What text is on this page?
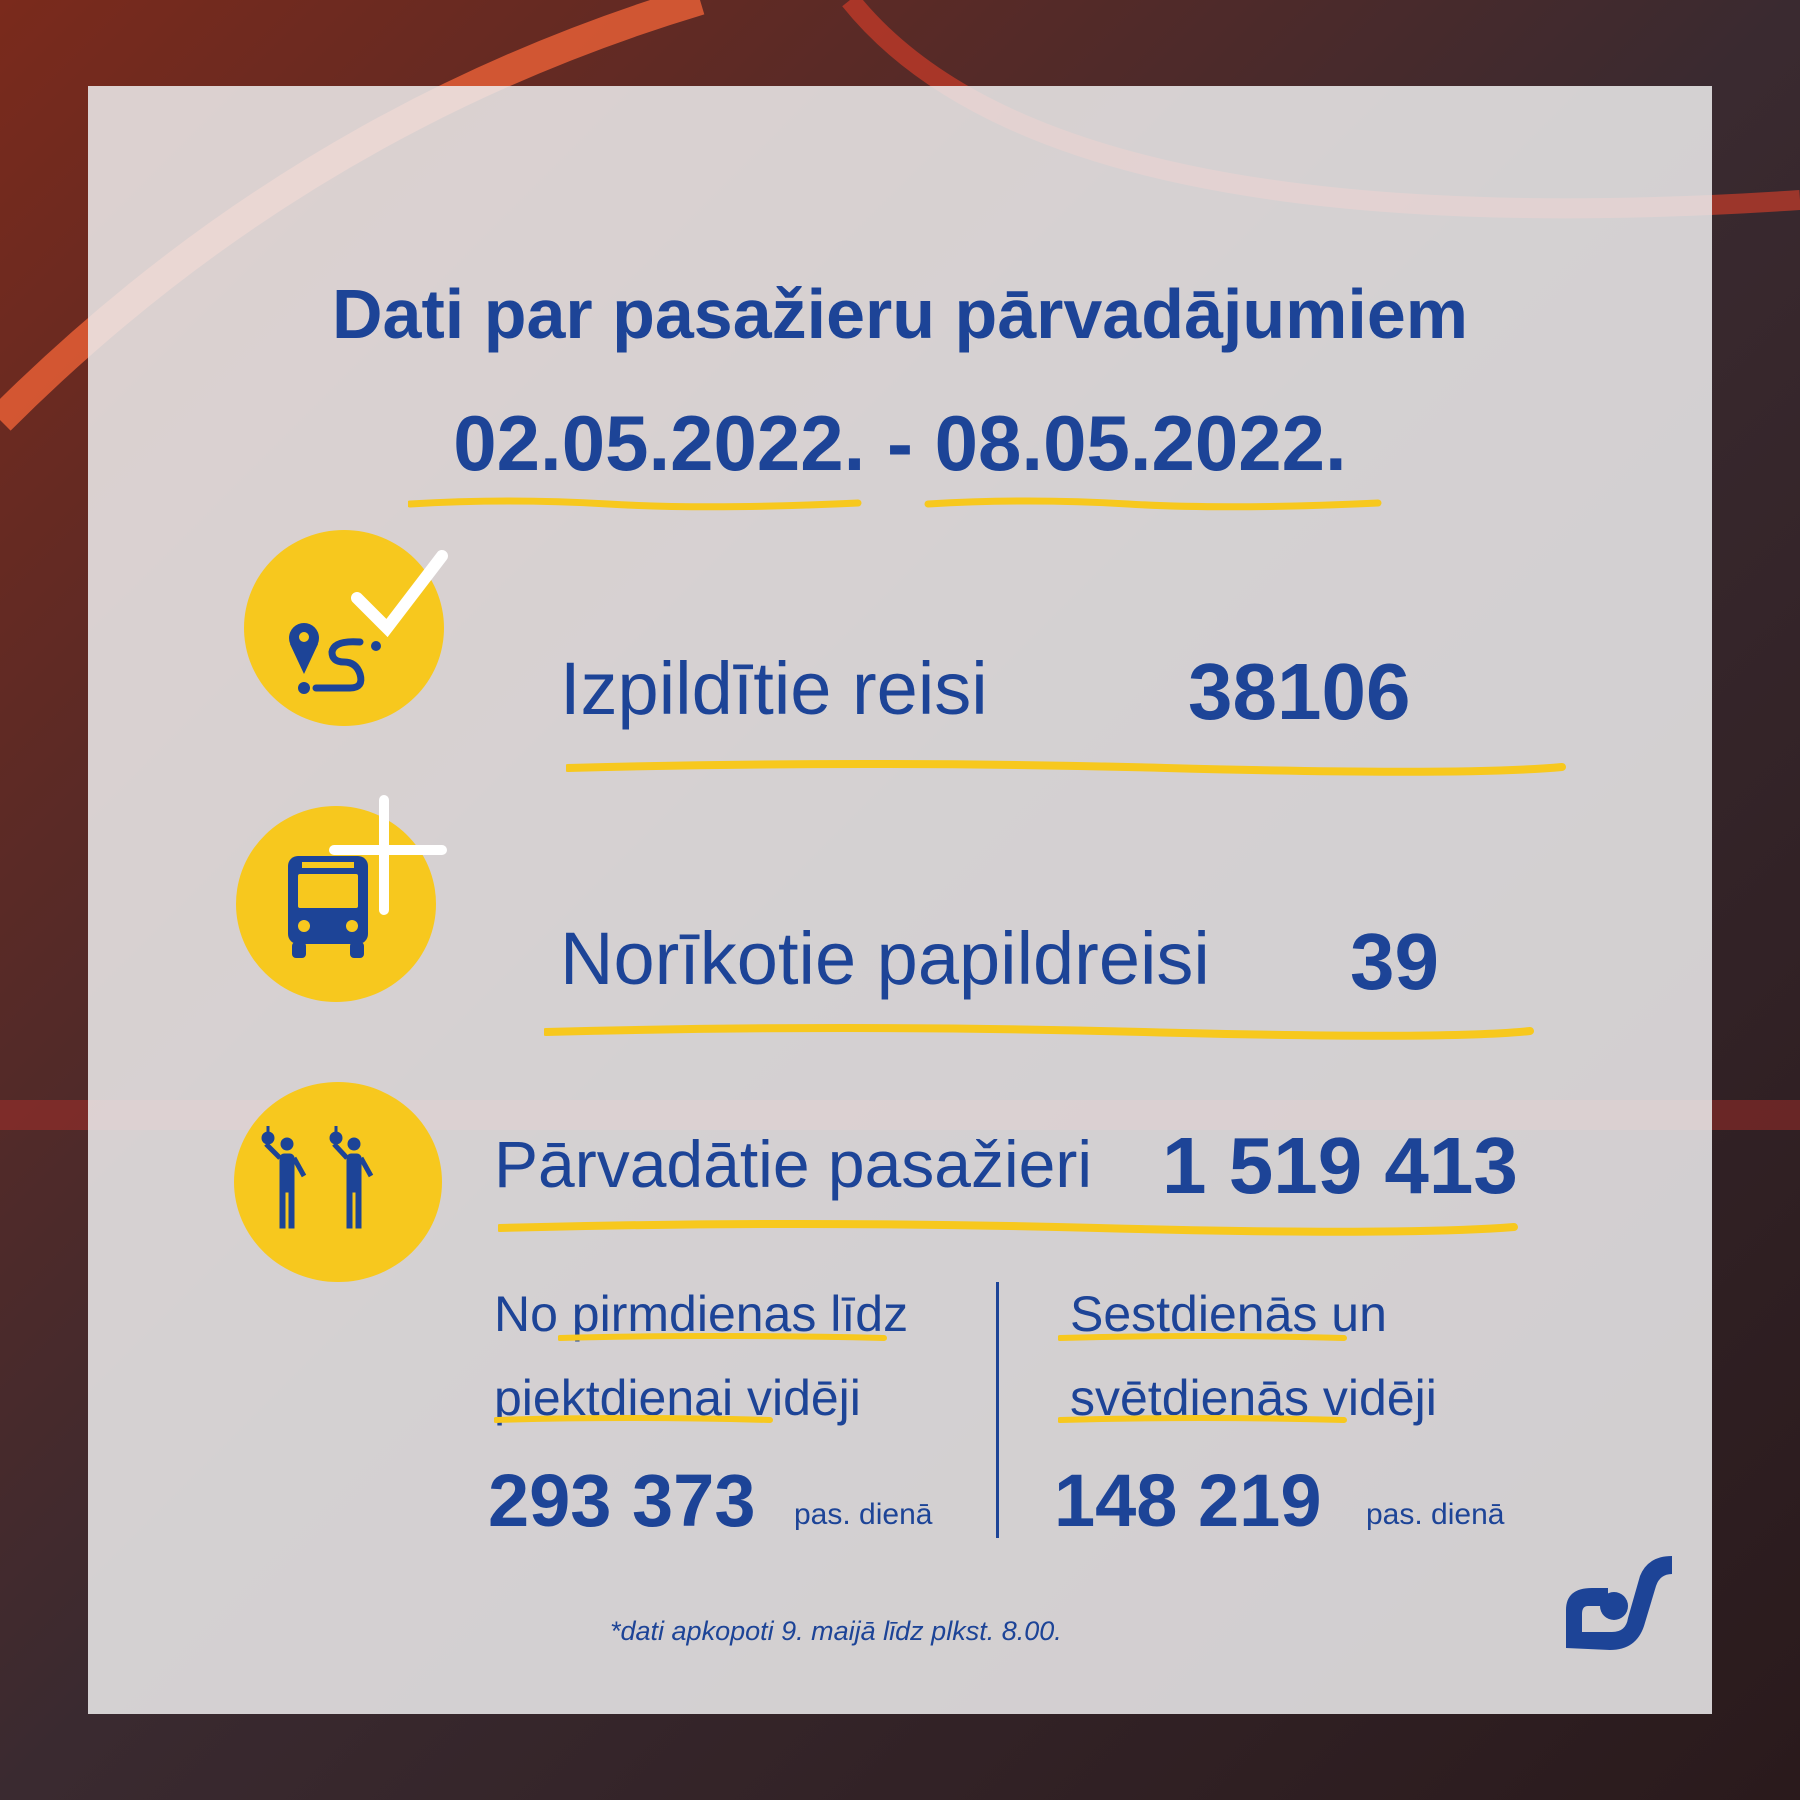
Dati par pasažieru pārvadājumiem
02.05.2022. - 08.05.2022.
Izpildītie reisi	38106
Norīkotie papildreisi 39
Pārvadātie pasažieri 1 519 413
No pirmdienas līdz
piektdienai vidēji
293 373 pas. dienā
Sestdienās un
svētdienās vidēji
148 219 pas. dienā
*dati apkopoti 9. maijā līdz plkst. 8.00.
